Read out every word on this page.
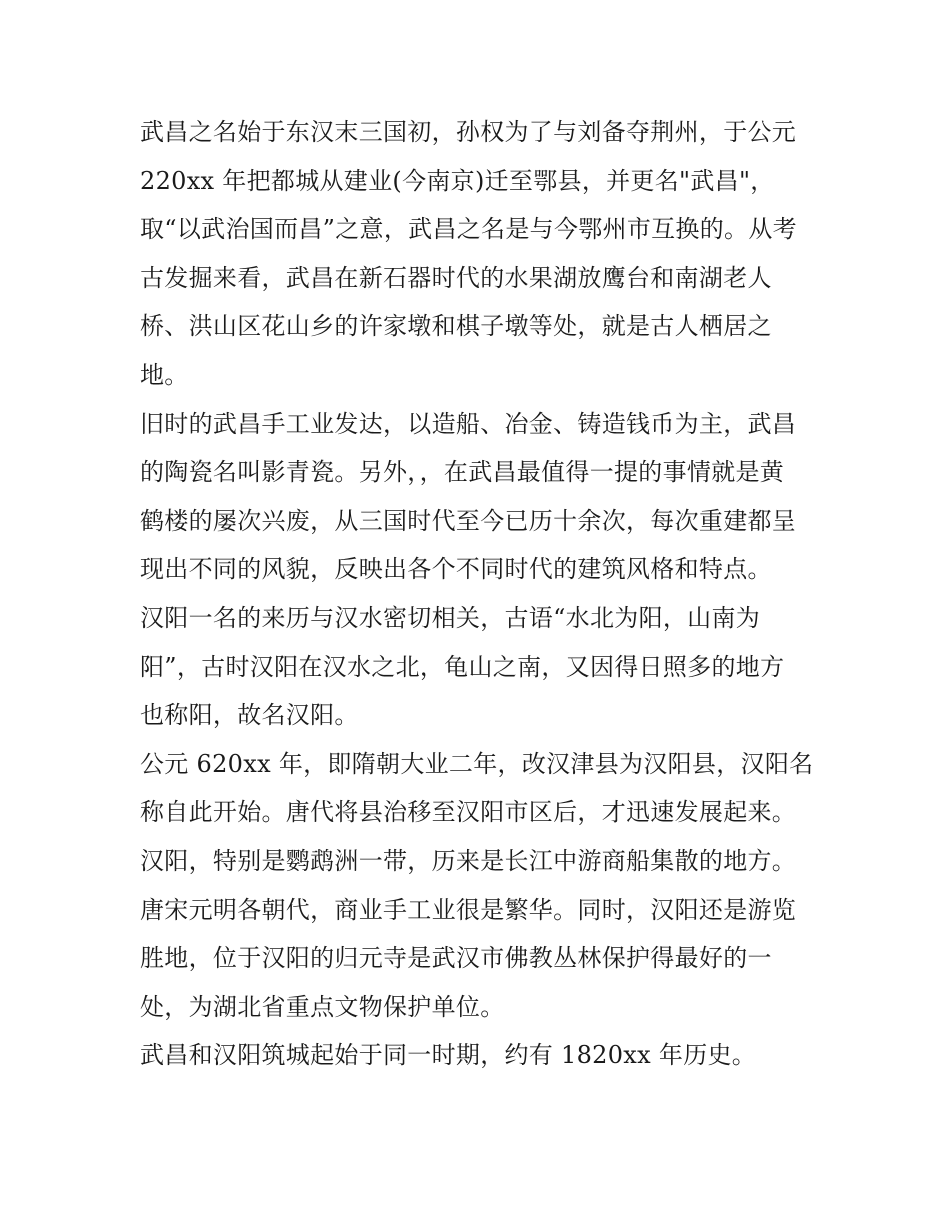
武昌之名始于东汉末三国初，孙权为了与刘备夺荆州，于公元
220xx 年把都城从建业(今南京)迁至鄂县，并更名"武昌"，
取“以武治国而昌”之意，武昌之名是与今鄂州市互换的。从考
古发掘来看，武昌在新石器时代的水果湖放鹰台和南湖老人
桥、洪山区花山乡的许家墩和棋子墩等处，就是古人栖居之
地。
旧时的武昌手工业发达，以造船、冶金、铸造钱币为主，武昌
的陶瓷名叫影青瓷。另外，，在武昌最值得一提的事情就是黄
鹤楼的屡次兴废，从三国时代至今已历十余次，每次重建都呈
现出不同的风貌，反映出各个不同时代的建筑风格和特点。
汉阳一名的来历与汉水密切相关，古语“水北为阳，山南为
阳”，古时汉阳在汉水之北，龟山之南，又因得日照多的地方
也称阳，故名汉阳。
公元 620xx 年，即隋朝大业二年，改汉津县为汉阳县，汉阳名
称自此开始。唐代将县治移至汉阳市区后，才迅速发展起来。
汉阳，特别是鹦鹉洲一带，历来是长江中游商船集散的地方。
唐宋元明各朝代，商业手工业很是繁华。同时，汉阳还是游览
胜地，位于汉阳的归元寺是武汉市佛教丛林保护得最好的一
处，为湖北省重点文物保护单位。
武昌和汉阳筑城起始于同一时期，约有 1820xx 年历史。
